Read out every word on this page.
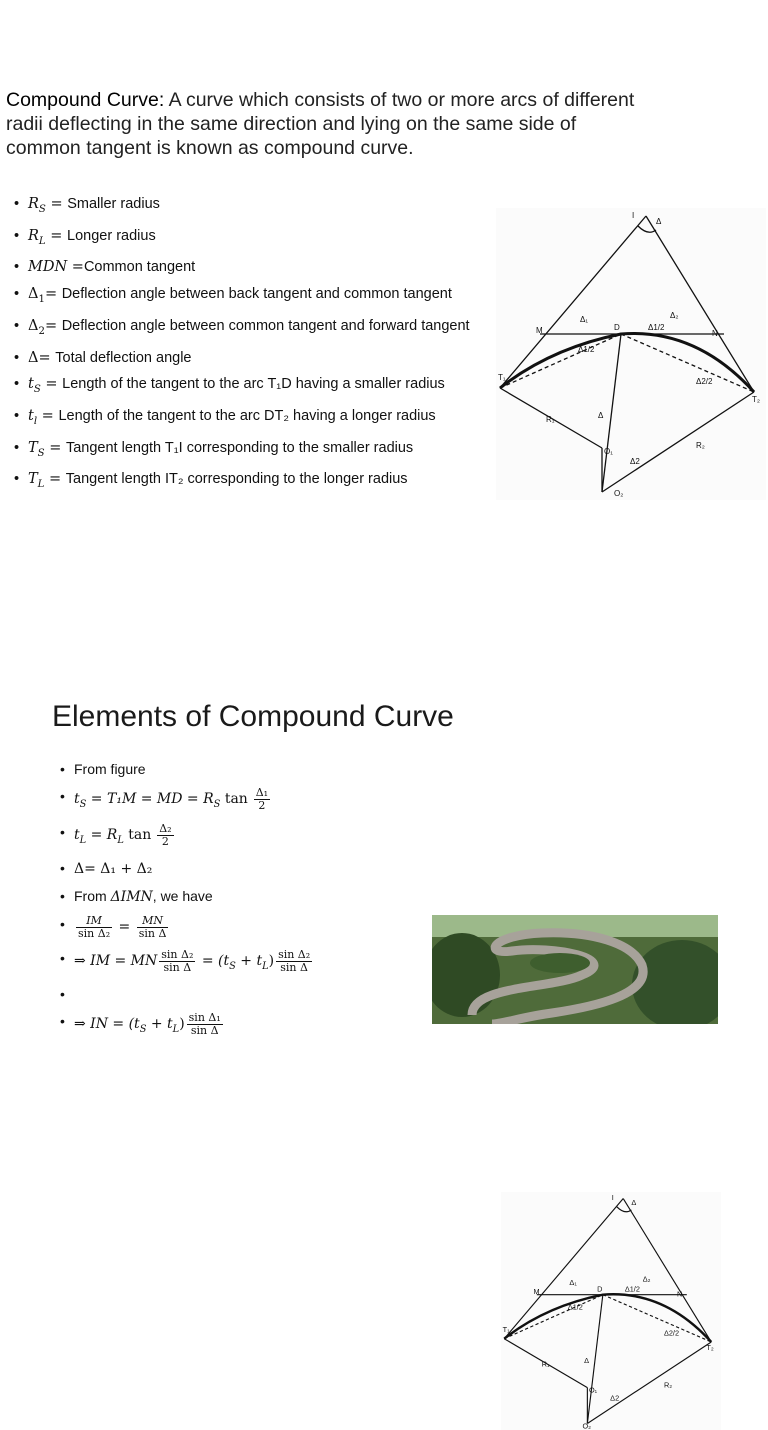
Compound Curve: A curve which consists of two or more arcs of different radii deflecting in the same direction and lying on the same side of common tangent is known as compound curve.

• $R_S$ = Smaller radius
• $R_L$ = Longer radius
• MDN =Common tangent
• $\Delta_1=$ Deflection angle between back tangent and common tangent
• $\Delta_2=$ Deflection angle between common tangent and forward tangent
• Δ= Total deflection angle
• $t_S$ = Length of the tangent to the arc T₁D having a smaller radius
• $t_l$ = Length of the tangent to the arc DT₂ having a longer radius
• $T_S$ = Tangent length T₁I corresponding to the smaller radius
• $T_L$ = Tangent length IT₂ corresponding to the longer radius
I
Δ
M	D
N
Δ₁	Δ₂
Δ1/2
Δ1/2
Δ2/2
T₁
T₂
R₁
R₂
Δ
O₁
O₂
Δ2
Elements of Compound Curve
• From figure
• $t_S = T_1M$ = MD = $R_S$ $\tan \frac{\text{Δ₁}}{2}$
• $t_L = R_L$ $\tan \frac{\text{Δ₂}}{2}$
• Δ= Δ₁ + Δ₂
• From ΔIMN, we have
• $\frac{IM}{\text{sin Δ₂}} = \frac{MN}{\text{sin Δ}}$
• ⇒ IM = MN $\frac{\text{sin Δ₂}}{\text{sin Δ}} = (t_S + t_L) \frac{\text{sin Δ₂}}{\text{sin Δ}}$
•
• ⇒ IN = $(t_S + t_L) \frac{\text{sin Δ₁}}{\text{sin Δ}}$
I
Δ
M	D
N
Δ₁	Δ₂
Δ1/2
Δ1/2
Δ2/2
T₁
T₂
R₁
R₂
Δ
O₁
O₂
Δ2
